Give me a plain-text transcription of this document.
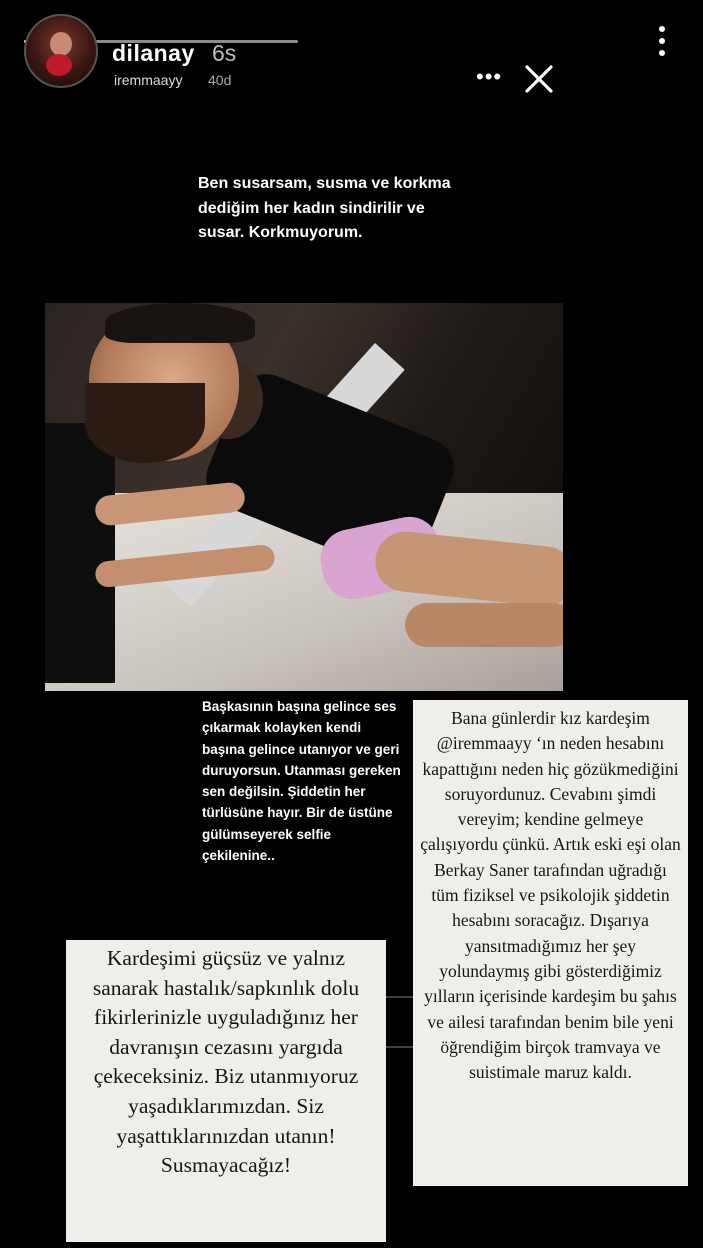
dilanay 6s
iremmaayy 40d	•••
Ben susarsam, susma ve korkma dediğim her kadın sindirilir ve susar. Korkmuyorum.
Başkasının başına gelince ses çıkarmak kolayken kendi başına gelince utanıyor ve geri duruyorsun. Utanması gereken sen değilsin. Şiddetin her türlüsüne hayır. Bir de üstüne gülümseyerek selfie çekilenine..
Bana günlerdir kız kardeşim
@iremmaayy ‘ın neden hesabını kapattığını neden hiç gözükmediğini soruyordunuz. Cevabını şimdi vereyim; kendine gelmeye çalışıyordu çünkü. Artık eski eşi olan Berkay Saner tarafından uğradığı tüm fiziksel ve psikolojik şiddetin hesabını soracağız. Dışarıya yansıtmadığımız her şey yolundaymış gibi gösterdiğimiz yılların içerisinde kardeşim bu şahıs ve ailesi tarafından benim bile yeni öğrendiğim birçok tramvaya ve suistimale maruz kaldı.
Kardeşimi güçsüz ve yalnız sanarak hastalık/sapkınlık dolu fikirlerinizle uyguladığınız her davranışın cezasını yargıda çekeceksiniz. Biz utanmıyoruz yaşadıklarımızdan. Siz yaşattıklarınızdan utanın! Susmayacağız!
